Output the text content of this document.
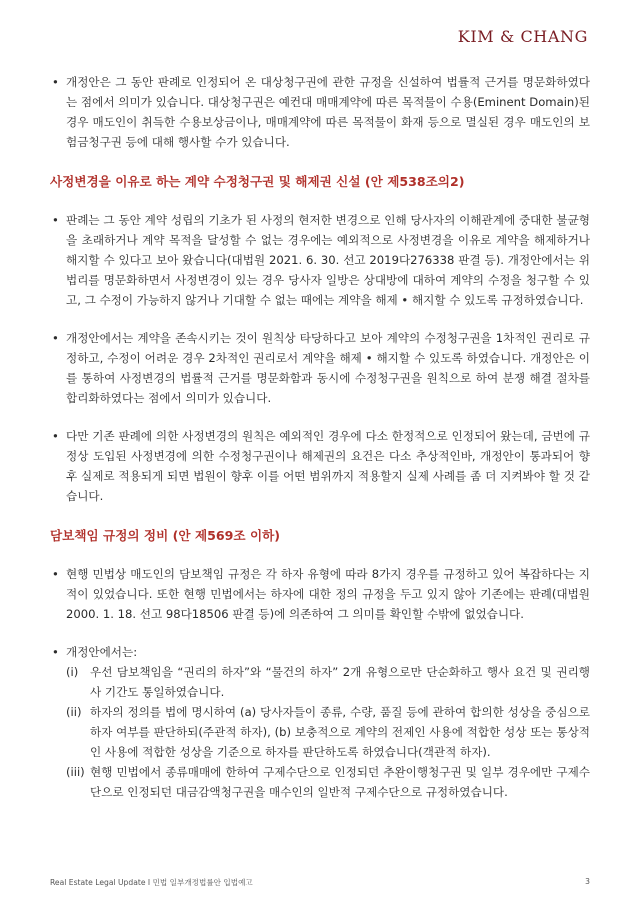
KIM & CHANG
• 개정안은 그 동안 판례로 인정되어 온 대상청구권에 관한 규정을 신설하여 법률적 근거를 명문화하였다는 점에서 의미가 있습니다. 대상청구권은 예컨대 매매계약에 따른 목적물이 수용(Eminent Domain)된 경우 매도인이 취득한 수용보상금이나, 매매계약에 따른 목적물이 화재 등으로 멸실된 경우 매도인의 보험금청구권 등에 대해 행사할 수가 있습니다.
사정변경을 이유로 하는 계약 수정청구권 및 해제권 신설 (안 제538조의2)
• 판례는 그 동안 계약 성립의 기초가 된 사정의 현저한 변경으로 인해 당사자의 이해관계에 중대한 불균형을 초래하거나 계약 목적을 달성할 수 없는 경우에는 예외적으로 사정변경을 이유로 계약을 해제하거나 해지할 수 있다고 보아 왔습니다(대법원 2021. 6. 30. 선고 2019다276338 판결 등). 개정안에서는 위 법리를 명문화하면서 사정변경이 있는 경우 당사자 일방은 상대방에 대하여 계약의 수정을 청구할 수 있고, 그 수정이 가능하지 않거나 기대할 수 없는 때에는 계약을 해제 • 해지할 수 있도록 규정하였습니다.
• 개정안에서는 계약을 존속시키는 것이 원칙상 타당하다고 보아 계약의 수정청구권을 1차적인 권리로 규정하고, 수정이 어려운 경우 2차적인 권리로서 계약을 해제 • 해지할 수 있도록 하였습니다. 개정안은 이를 통하여 사정변경의 법률적 근거를 명문화함과 동시에 수정청구권을 원칙으로 하여 분쟁 해결 절차를 합리화하였다는 점에서 의미가 있습니다.
• 다만 기존 판례에 의한 사정변경의 원칙은 예외적인 경우에 다소 한정적으로 인정되어 왔는데, 금번에 규정상 도입된 사정변경에 의한 수정청구권이나 해제권의 요건은 다소 추상적인바, 개정안이 통과되어 향후 실제로 적용되게 되면 법원이 향후 이를 어떤 범위까지 적용할지 실제 사례를 좀 더 지켜봐야 할 것 같습니다.
담보책임 규정의 정비 (안 제569조 이하)
• 현행 민법상 매도인의 담보책임 규정은 각 하자 유형에 따라 8가지 경우를 규정하고 있어 복잡하다는 지적이 있었습니다. 또한 현행 민법에서는 하자에 대한 정의 규정을 두고 있지 않아 기존에는 판례(대법원 2000. 1. 18. 선고 98다18506 판결 등)에 의존하여 그 의미를 확인할 수밖에 없었습니다.
• 개정안에서는:
(i) 우선 담보책임을 “권리의 하자”와 “물건의 하자” 2개 유형으로만 단순화하고 행사 요건 및 권리행사 기간도 통일하였습니다.
(ii) 하자의 정의를 법에 명시하여 (a) 당사자들이 종류, 수량, 품질 등에 관하여 합의한 성상을 중심으로 하자 여부를 판단하되(주관적 하자), (b) 보충적으로 계약의 전제인 사용에 적합한 성상 또는 통상적인 사용에 적합한 성상을 기준으로 하자를 판단하도록 하였습니다(객관적 하자).
(iii) 현행 민법에서 종류매매에 한하여 구제수단으로 인정되던 추완이행청구권 및 일부 경우에만 구제수단으로 인정되던 대금감액청구권을 매수인의 일반적 구제수단으로 규정하였습니다.
Real Estate Legal Update Ι 민법 일부개정법률안 입법예고	3
